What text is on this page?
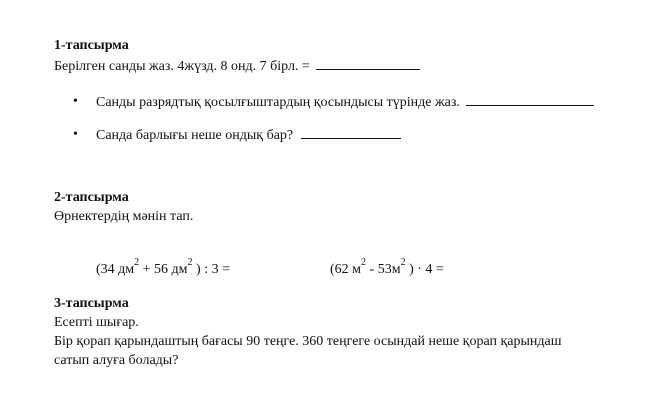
1-тапсырма
Берілген санды жаз. 4жүзд. 8 онд. 7 бірл. =
• Санды разрядтық қосылғыштардың қосындысы түрінде жаз.
• Санда барлығы неше ондық бар?
2-тапсырма
Өрнектердің мәнін тап.
(34 $дм^2 + 56$ $дм^2$ ) : 3 =	(62 $м^2 - 53м^2$ ) · 4 =
3-тапсырма
Есепті шығар.
Бір қорап қарындаштың бағасы 90 теңге. 360 теңгеге осындай неше қорап қарындаш
сатып алуға болады?
